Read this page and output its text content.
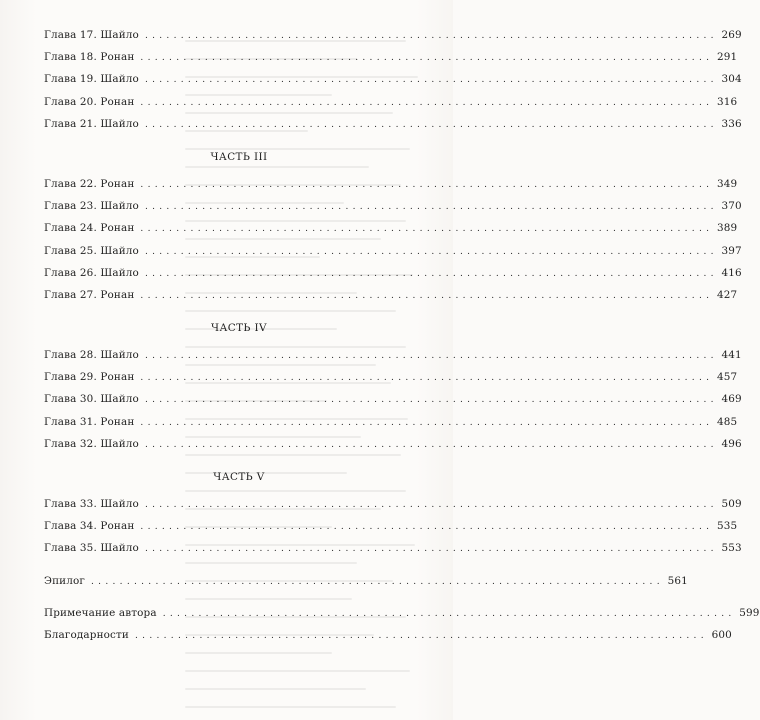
Глава 17. Шайло ................................................................................ 269
Глава 18. Ронан ................................................................................ 291
Глава 19. Шайло ................................................................................ 304
Глава 20. Ронан ................................................................................ 316
Глава 21. Шайло ................................................................................ 336
ЧАСТЬ III
Глава 22. Ронан ................................................................................ 349
Глава 23. Шайло ................................................................................ 370
Глава 24. Ронан ................................................................................ 389
Глава 25. Шайло ................................................................................ 397
Глава 26. Шайло ................................................................................ 416
Глава 27. Ронан ................................................................................ 427
ЧАСТЬ IV
Глава 28. Шайло ................................................................................ 441
Глава 29. Ронан ................................................................................ 457
Глава 30. Шайло ................................................................................ 469
Глава 31. Ронан ................................................................................ 485
Глава 32. Шайло ................................................................................ 496
ЧАСТЬ V
Глава 33. Шайло ................................................................................ 509
Глава 34. Ронан ................................................................................ 535
Глава 35. Шайло ................................................................................ 553
Эпилог ................................................................................ 561
Примечание автора ................................................................................ 599
Благодарности ................................................................................ 600
